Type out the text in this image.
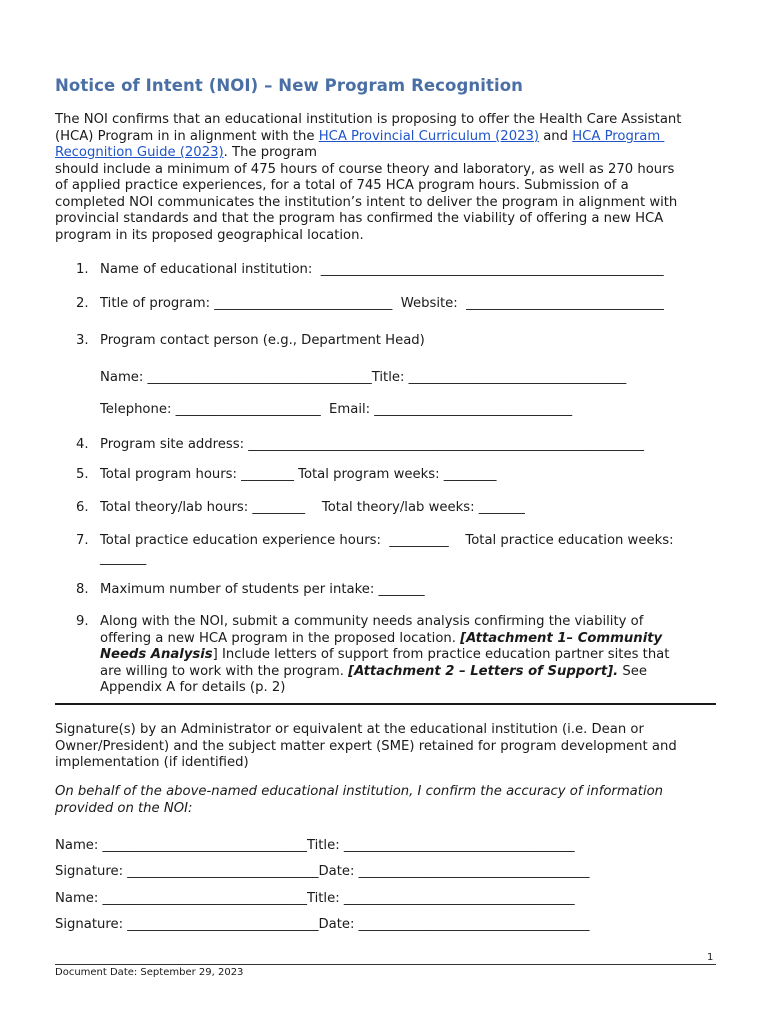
Notice of Intent (NOI) – New Program Recognition
The NOI confirms that an educational institution is proposing to offer the Health Care Assistant
(HCA) Program in in alignment with the HCA Provincial Curriculum (2023) and HCA Program
Recognition Guide (2023). The program
should include a minimum of 475 hours of course theory and laboratory, as well as 270 hours
of applied practice experiences, for a total of 745 HCA program hours. Submission of a
completed NOI communicates the institution’s intent to deliver the program in alignment with
provincial standards and that the program has confirmed the viability of offering a new HCA
program in its proposed geographical location.

1.

Name of educational institution:  ____________________________________________________

2.

Title of program: ___________________________  Website:  ______________________________

3.

Program contact person (e.g., Department Head)

Name: __________________________________Title: _________________________________
Telephone: ______________________  Email: ______________________________

4.

Program site address: ____________________________________________________________

5.

Total program hours: ________ Total program weeks: ________

6.

Total theory/lab hours: ________    Total theory/lab weeks: _______

7.

Total practice education experience hours:  _________    Total practice education weeks:

_______

8.

Maximum number of students per intake: _______

9. Along with the NOI, submit a community needs analysis confirming the viability of
offering a new HCA program in the proposed location. [Attachment 1– Community
Needs Analysis] Include letters of support from practice education partner sites that
are willing to work with the program. [Attachment 2 – Letters of Support]. See
Appendix A for details (p. 2)
Signature(s) by an Administrator or equivalent at the educational institution (i.e. Dean or
Owner/President) and the subject matter expert (SME) retained for program development and
implementation (if identified)
On behalf of the above-named educational institution, I confirm the accuracy of information
provided on the NOI:
Name: _______________________________Title: ___________________________________
Signature: _____________________________Date: ___________________________________
Name: _______________________________Title: ___________________________________
Signature: _____________________________Date: ___________________________________
1
Document Date: September 29, 2023
